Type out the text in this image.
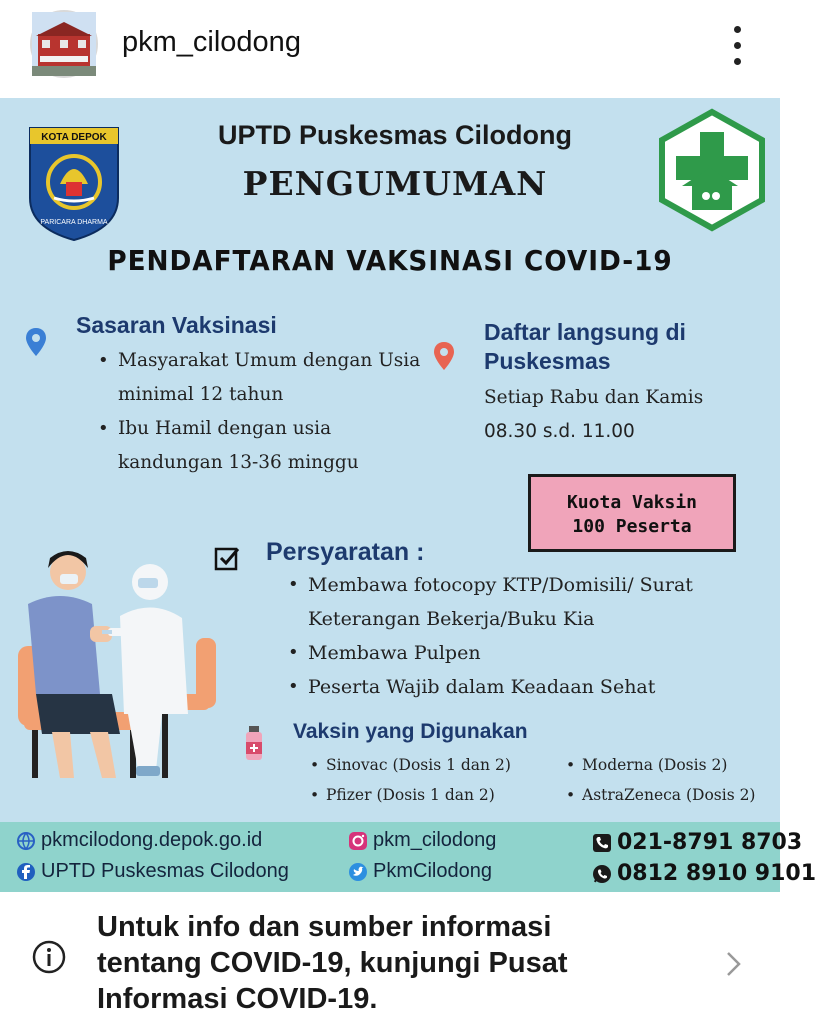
pkm_cilodong
KOTA DEPOK
PARICARA DHARMA
UPTD Puskesmas Cilodong
PENGUMUMAN
PENDAFTARAN VAKSINASI COVID-19
Sasaran Vaksinasi
• Masyarakat Umum dengan Usia minimal 12 tahun
• Ibu Hamil dengan usia kandungan 13-36 minggu
Daftar langsung di Puskesmas
Setiap Rabu dan Kamis
08.30 s.d. 11.00
Kuota Vaksin
100 Peserta
Persyaratan :
• Membawa fotocopy KTP/Domisili/ Surat Keterangan Bekerja/Buku Kia
• Membawa Pulpen
• Peserta Wajib dalam Keadaan Sehat
Vaksin yang Digunakan
• Sinovac (Dosis 1 dan 2)	• Moderna (Dosis 2)
• Pfizer (Dosis 1 dan 2)	• AstraZeneca (Dosis 2)
pkmcilodong.depok.go.id
UPTD Puskesmas Cilodong
pkm_cilodong
PkmCilodong
021-8791 8703
0812 8910 9101
Untuk info dan sumber informasi tentang COVID-19, kunjungi Pusat Informasi COVID-19.
